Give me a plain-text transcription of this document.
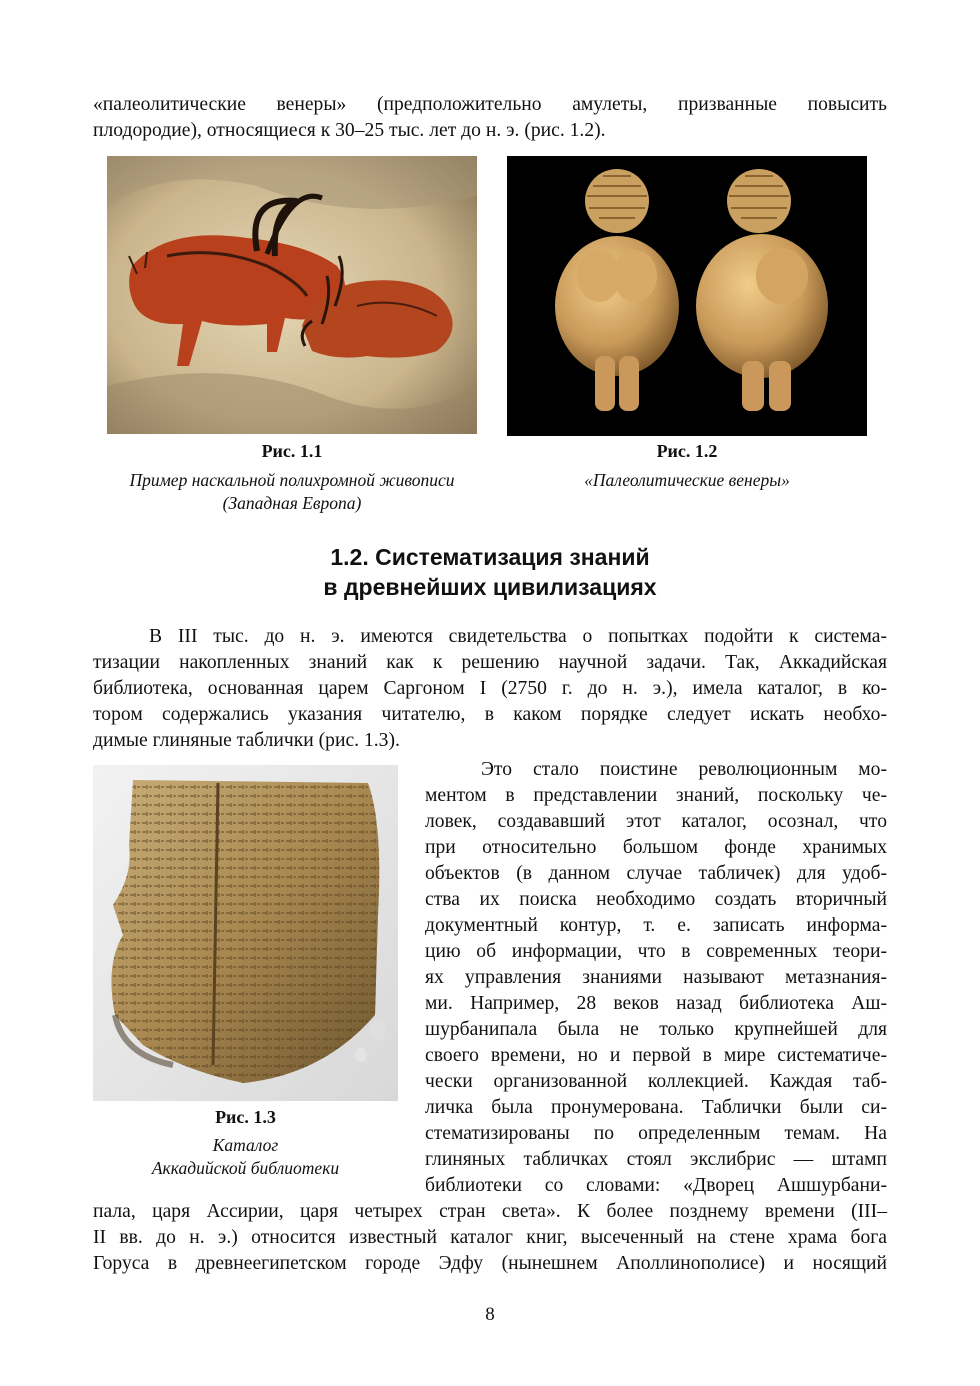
«палеолитические венеры» (предположительно амулеты, призванные повысить
плодородие), относящиеся к 30–25 тыс. лет до н. э. (рис. 1.2).
Рис. 1.1
Пример наскальной полихромной живописи
(Западная Европа)
Рис. 1.2
«Палеолитические венеры»
1.2. Систематизация знаний
в древнейших цивилизациях
В III тыс. до н. э. имеются свидетельства о попытках подойти к система-
тизации накопленных знаний как к решению научной задачи. Так, Аккадийская
библиотека, основанная царем Саргоном I (2750 г. до н. э.), имела каталог, в ко-
тором содержались указания читателю, в каком порядке следует искать необхо-
димые глиняные таблички (рис. 1.3).
Рис. 1.3
Каталог
Аккадийской библиотеки
Это стало поистине революционным мо-
ментом в представлении знаний, поскольку че-
ловек, создававший этот каталог, осознал, что
при относительно большом фонде хранимых
объектов (в данном случае табличек) для удоб-
ства их поиска необходимо создать вторичный
документный контур, т. е. записать информа-
цию об информации, что в современных теори-
ях управления знаниями называют метазнания-
ми. Например, 28 веков назад библиотека Аш-
шурбанипала была не только крупнейшей для
своего времени, но и первой в мире систематиче-
чески организованной коллекцией. Каждая таб-
личка была пронумерована. Таблички были си-
стематизированы по определенным темам. На
глиняных табличках стоял экслибрис — штамп
библиотеки со словами: «Дворец Ашшурбани-
пала, царя Ассирии, царя четырех стран света». К более позднему времени (III–
II вв. до н. э.) относится известный каталог книг, высеченный на стене храма бога
Горуса в древнеегипетском городе Эдфу (нынешнем Аполлинополисе) и носящий
8
